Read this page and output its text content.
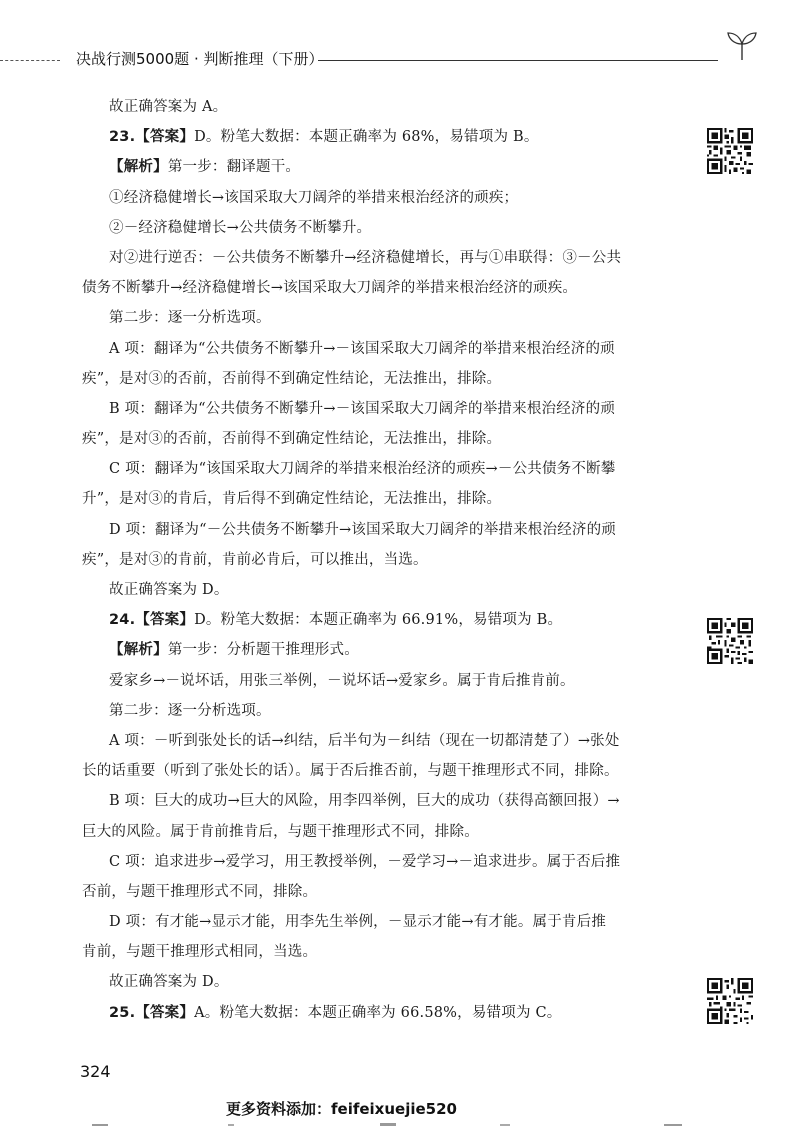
决战行测5000题 · 判断推理（下册）
故正确答案为 A。
23.【答案】D。粉笔大数据：本题正确率为 68%，易错项为 B。
【解析】第一步：翻译题干。
①经济稳健增长→该国采取大刀阔斧的举措来根治经济的顽疾；
②－经济稳健增长→公共债务不断攀升。
对②进行逆否：－公共债务不断攀升→经济稳健增长，再与①串联得：③－公共
债务不断攀升→经济稳健增长→该国采取大刀阔斧的举措来根治经济的顽疾。
第二步：逐一分析选项。
A 项：翻译为“公共债务不断攀升→－该国采取大刀阔斧的举措来根治经济的顽
疾”，是对③的否前，否前得不到确定性结论，无法推出，排除。
B 项：翻译为“公共债务不断攀升→－该国采取大刀阔斧的举措来根治经济的顽
疾”，是对③的否前，否前得不到确定性结论，无法推出，排除。
C 项：翻译为“该国采取大刀阔斧的举措来根治经济的顽疾→－公共债务不断攀
升”，是对③的肯后，肯后得不到确定性结论，无法推出，排除。
D 项：翻译为“－公共债务不断攀升→该国采取大刀阔斧的举措来根治经济的顽
疾”，是对③的肯前，肯前必肯后，可以推出，当选。
故正确答案为 D。
24.【答案】D。粉笔大数据：本题正确率为 66.91%，易错项为 B。
【解析】第一步：分析题干推理形式。
爱家乡→－说坏话，用张三举例，－说坏话→爱家乡。属于肯后推肯前。
第二步：逐一分析选项。
A 项：－听到张处长的话→纠结，后半句为－纠结（现在一切都清楚了）→张处
长的话重要（听到了张处长的话）。属于否后推否前，与题干推理形式不同，排除。
B 项：巨大的成功→巨大的风险，用李四举例，巨大的成功（获得高额回报）→
巨大的风险。属于肯前推肯后，与题干推理形式不同，排除。
C 项：追求进步→爱学习，用王教授举例，－爱学习→－追求进步。属于否后推
否前，与题干推理形式不同，排除。
D 项：有才能→显示才能，用李先生举例，－显示才能→有才能。属于肯后推
肯前，与题干推理形式相同，当选。
故正确答案为 D。
25.【答案】A。粉笔大数据：本题正确率为 66.58%，易错项为 C。
324
更多资料添加：feifeixuejie520
